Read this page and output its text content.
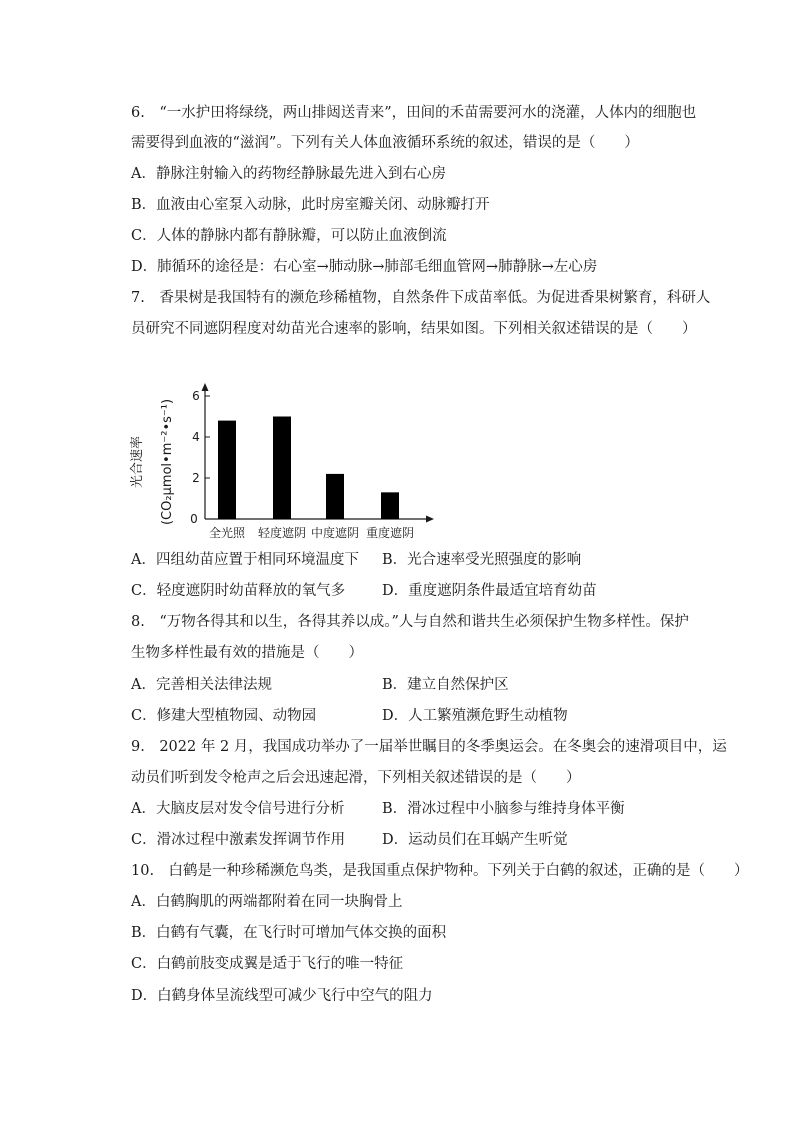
6.　“一水护田将绿绕，两山排闼送青来”，田间的禾苗需要河水的浇灌，人体内的细胞也
需要得到血液的“滋润”。下列有关人体血液循环系统的叙述，错误的是（　　）
A．静脉注射输入的药物经静脉最先进入到右心房
B．血液由心室泵入动脉，此时房室瓣关闭、动脉瓣打开
C．人体的静脉内都有静脉瓣，可以防止血液倒流
D．肺循环的途径是：右心室→肺动脉→肺部毛细血管网→肺静脉→左心房
7.　香果树是我国特有的濒危珍稀植物，自然条件下成苗率低。为促进香果树繁育，科研人
员研究不同遮阴程度对幼苗光合速率的影响，结果如图。下列相关叙述错误的是（　　）
光合速率 (CO₂μmol•m⁻²•s⁻¹) 0
2
4
6
全光照 轻度遮阴 中度遮阴 重度遮阴
A．四组幼苗应置于相同环境温度下 B．光合速率受光照强度的影响
C．轻度遮阴时幼苗释放的氧气多	D．重度遮阴条件最适宜培育幼苗
8.　“万物各得其和以生，各得其养以成。”人与自然和谐共生必须保护生物多样性。保护
生物多样性最有效的措施是（　　）
A．完善相关法律法规	B．建立自然保护区
C．修建大型植物园、动物园	D．人工繁殖濒危野生动植物
9.　2022 年 2 月，我国成功举办了一届举世瞩目的冬季奥运会。在冬奥会的速滑项目中，运
动员们听到发令枪声之后会迅速起滑，下列相关叙述错误的是（　　）
A．大脑皮层对发令信号进行分析	B．滑冰过程中小脑参与维持身体平衡
C．滑冰过程中激素发挥调节作用	D．运动员们在耳蜗产生听觉
10.　白鹤是一种珍稀濒危鸟类，是我国重点保护物种。下列关于白鹤的叙述，正确的是（　　）
A．白鹤胸肌的两端都附着在同一块胸骨上
B．白鹤有气囊，在飞行时可增加气体交换的面积
C．白鹤前肢变成翼是适于飞行的唯一特征
D．白鹤身体呈流线型可减少飞行中空气的阻力
